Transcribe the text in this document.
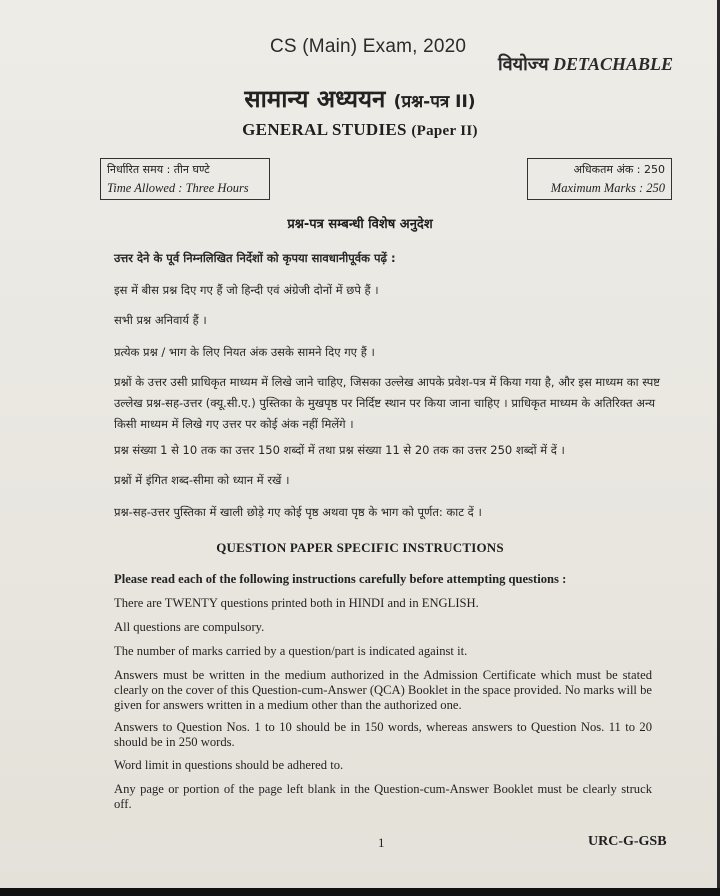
CS (Main) Exam, 2020
वियोज्य DETACHABLE
सामान्य अध्ययन (प्रश्न-पत्र II)
GENERAL STUDIES (Paper II)
निर्धारित समय : तीन घण्टे
Time Allowed : Three Hours
अधिकतम अंक : 250
Maximum Marks : 250
प्रश्न-पत्र सम्बन्धी विशेष अनुदेश
उत्तर देने के पूर्व निम्नलिखित निर्देशों को कृपया सावधानीपूर्वक पढ़ें :
इस में बीस प्रश्न दिए गए हैं जो हिन्दी एवं अंग्रेजी दोनों में छपे हैं ।
सभी प्रश्न अनिवार्य हैं ।
प्रत्येक प्रश्न / भाग के लिए नियत अंक उसके सामने दिए गए हैं ।
प्रश्नों के उत्तर उसी प्राधिकृत माध्यम में लिखे जाने चाहिए, जिसका उल्लेख आपके प्रवेश-पत्र में किया गया है, और इस माध्यम का स्पष्ट उल्लेख प्रश्न-सह-उत्तर (क्यू.सी.ए.) पुस्तिका के मुखपृष्ठ पर निर्दिष्ट स्थान पर किया जाना चाहिए । प्राधिकृत माध्यम के अतिरिक्त अन्य किसी माध्यम में लिखे गए उत्तर पर कोई अंक नहीं मिलेंगे ।
प्रश्न संख्या 1 से 10 तक का उत्तर 150 शब्दों में तथा प्रश्न संख्या 11 से 20 तक का उत्तर 250 शब्दों में दें ।
प्रश्नों में इंगित शब्द-सीमा को ध्यान में रखें ।
प्रश्न-सह-उत्तर पुस्तिका में खाली छोड़े गए कोई पृष्ठ अथवा पृष्ठ के भाग को पूर्णत: काट दें ।
QUESTION PAPER SPECIFIC INSTRUCTIONS
Please read each of the following instructions carefully before attempting questions :
There are TWENTY questions printed both in HINDI and in ENGLISH.
All questions are compulsory.
The number of marks carried by a question/part is indicated against it.
Answers must be written in the medium authorized in the Admission Certificate which must be stated clearly on the cover of this Question-cum-Answer (QCA) Booklet in the space provided. No marks will be given for answers written in a medium other than the authorized one.
Answers to Question Nos. 1 to 10 should be in 150 words, whereas answers to Question Nos. 11 to 20 should be in 250 words.
Word limit in questions should be adhered to.
Any page or portion of the page left blank in the Question-cum-Answer Booklet must be clearly struck off.
1	URC-G-GSB
